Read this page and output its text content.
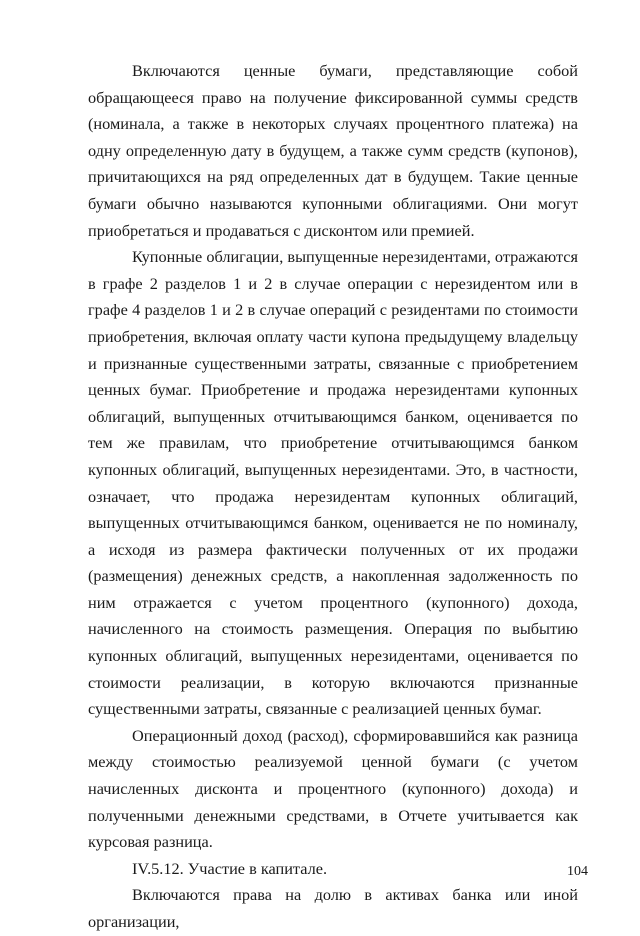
Включаются ценные бумаги, представляющие собой обращающееся право на получение фиксированной суммы средств (номинала, а также в некоторых случаях процентного платежа) на одну определенную дату в будущем, а также сумм средств (купонов), причитающихся на ряд определенных дат в будущем. Такие ценные бумаги обычно называются купонными облигациями. Они могут приобретаться и продаваться с дисконтом или премией.

Купонные облигации, выпущенные нерезидентами, отражаются в графе 2 разделов 1 и 2 в случае операции с нерезидентом или в графе 4 разделов 1 и 2 в случае операций с резидентами по стоимости приобретения, включая оплату части купона предыдущему владельцу и признанные существенными затраты, связанные с приобретением ценных бумаг. Приобретение и продажа нерезидентами купонных облигаций, выпущенных отчитывающимся банком, оценивается по тем же правилам, что приобретение отчитывающимся банком купонных облигаций, выпущенных нерезидентами. Это, в частности, означает, что продажа нерезидентам купонных облигаций, выпущенных отчитывающимся банком, оценивается не по номиналу, а исходя из размера фактически полученных от их продажи (размещения) денежных средств, а накопленная задолженность по ним отражается с учетом процентного (купонного) дохода, начисленного на стоимость размещения. Операция по выбытию купонных облигаций, выпущенных нерезидентами, оценивается по стоимости реализации, в которую включаются признанные существенными затраты, связанные с реализацией ценных бумаг.

Операционный доход (расход), сформировавшийся как разница между стоимостью реализуемой ценной бумаги (с учетом начисленных дисконта и процентного (купонного) дохода) и полученными денежными средствами, в Отчете учитывается как курсовая разница.

IV.5.12. Участие в капитале.

Включаются права на долю в активах банка или иной организации,

104
